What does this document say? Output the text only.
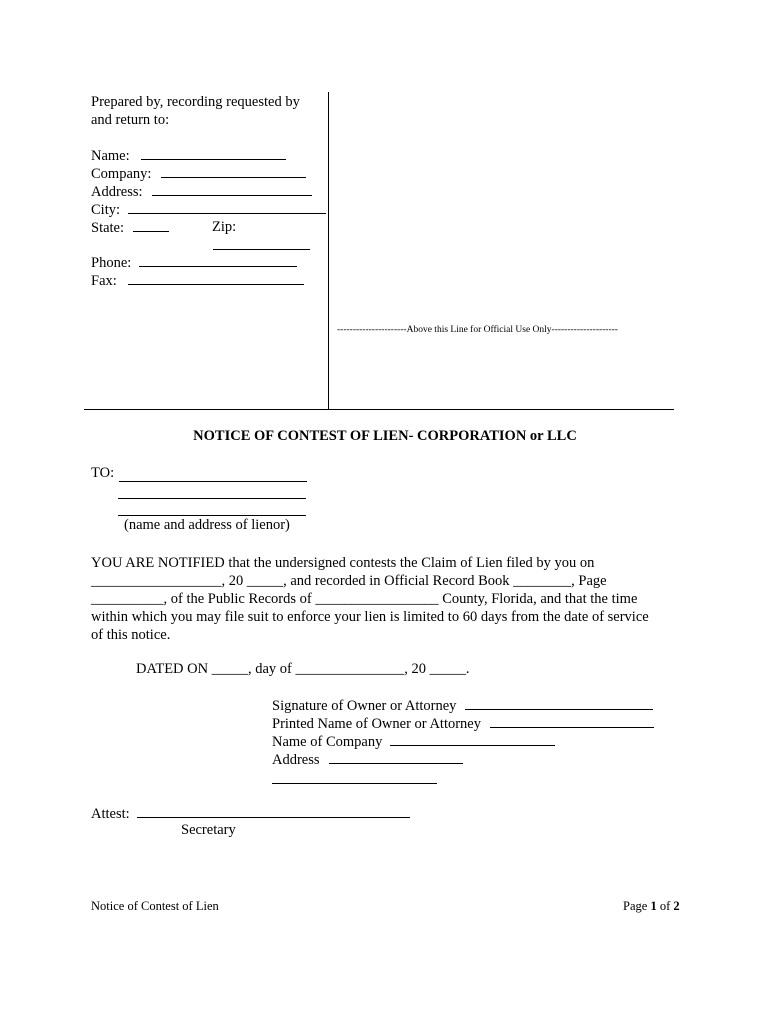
Prepared by, recording requested by
and return to:
Name:
Company:
Address:
City:
State:	Zip:
Phone:
Fax:
----------------------Above this Line for Official Use Only---------------------
NOTICE OF CONTEST OF LIEN- CORPORATION or LLC
TO:
(name and address of lienor)
YOU ARE NOTIFIED that the undersigned contests the Claim of Lien filed by you on
__________________, 20 _____, and recorded in Official Record Book ________, Page
__________, of the Public Records of _________________ County, Florida, and that the time
within which you may file suit to enforce your lien is limited to 60 days from the date of service
of this notice.
DATED ON _____, day of _______________, 20 _____.
Signature of Owner or Attorney
Printed Name of Owner or Attorney
Name of Company
Address
Attest:
Secretary
Notice of Contest of Lien	Page 1 of 2
